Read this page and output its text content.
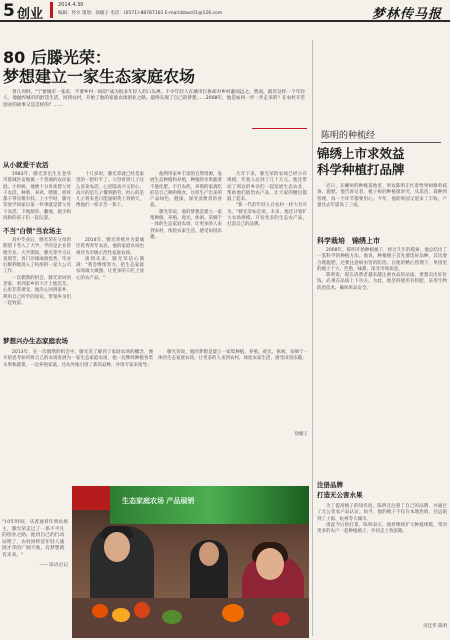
5 创业
2014.4.30
编辑：佟尔 策划：徐璇子 电话：(0571)-88787165 E-mail:bbwc01@126.com	梦林传马报
80 后滕光荣：
梦想建立一家生态家庭农场
曾几何时，"宁要城市一张床，不要乡村一间房"成为很多年轻人的口头禅。不少年轻人在城市打拼却对乡村避而远之。然而，就有这样一个年轻人，他抛弃城市的舒适生活，回到农村，开始了他的家庭农场创业之路，最终实现了自己的梦想……2008年，他是如何一步一步走来的？在农村辛苦创业的故事又是怎样的？……
从小就爱干农活

1983年，滕光荣出生在金华市婺城区安地镇一个普通的农民家庭。小时候，他便十分喜欢帮父母干农活，种菜、养鸡、喂猪，样样都干得有模有样。上小学时，滕光荣放学回家后第一件事就是帮父母干农活，下地割草、翻地，很少和同龄的孩子们一起玩耍。

十几岁时，滕光荣就已经是家里的一把好手了。父母看到儿子这么喜欢农活，心里既高兴又担心，高兴的是儿子懂事勤劳，担心的是儿子将来也只能面朝黄土背朝天，像他们一样辛苦一辈子。

不当"白领"当农场主

高中毕业后，滕光荣在父母的期望下考入了大学，学的是企业管理专业。大学期间，滕光荣学习认真刻苦，各门功课成绩优秀，毕业后顺利地进入了杭州的一家大公司工作。

一次偶然的机会，滕光荣回到老家，看到家乡的大片土地荒芜，心里非常难受。他决心回到家乡，利用自己所学的知识，带领乡亲们一起致富。

他利用家乡丰富的自然资源，发展生态种植和养殖，种植的水果蔬菜不施化肥、不打农药，养殖的家禽吃的是自己种的粮食，这样生产出来的产品绿色、健康，深受消费者的喜爱。

滕光荣说，他的梦想是建立一家集种植、养殖、观光、休闲、采摘于一体的生态家庭农场，让更多的人来到农村，体验农家生活，感受田园乐趣。

几年下来，滕光荣的农场已经小有规模，年收入达到了几十万元。他还带动了周边的乡亲们一起发展生态农业，帮助他们销售农产品，让大家的腰包都鼓了起来。

"新一代的年轻人在农村一样大有可为。"滕光荣如是说。未来，他还计划扩大农场规模，开发更多的生态农产品，打造自己的品牌。

2014年，滕光荣被评为婺城区优秀青年农民，他的家庭农场也被评为市级示范性家庭农场。

谈到未来，滕光荣信心满满："我会继续努力，把生态家庭农场做大做强，让更多的人吃上放心的农产品。"

梦想兴办生态家庭农场

2013年，在一次偶然的机会中，滕光荣了解到了家庭农场的概念，便开始思考如何将自己的农场发展为一家生态家庭农场，他一边继续种植各类水果和蔬菜，一边养殖家禽，还从外地引进了新的品种，并请专家来指导。

滕光荣说，他的梦想是建立一家集种植、养殖、观光、休闲、采摘于一体的生态家庭农场，让更多的人来到农村，体验农家生活，感受田园乐趣。

徐璇子
"10年时间，从普通青年到农场主，滕光荣走过了一条不平凡的创业之路。他用自己的行动证明了，农村同样是年轻人施展才华的广阔天地，有梦想就有未来。"
——采访后记
生态家庭农场 产品展销
陈明的种梳经
锦绣上市求效益
科学种植打品牌

近日，在嵊州的种梳基地里，果农陈明正忙着给果树修剪枝条、施肥。他告诉记者，梳子树的种植很讲究，从选苗、栽种到管理，每一个环节都要用心。今年，他的果园又迎来了丰收，产量比去年提高了三成。

科学栽培　锦绣上市

2008年，陈明开始种植梳子，经过几年的摸索，他总结出了一套科学的种植方法。他说，种植梳子首先要选好品种，其次要合理施肥，还要注意病虫害的防治。在他的精心管理下，果园里的梳子个大、色艳、味甜，深受市场欢迎。

陈明说，现在消费者越来越注重食品的品质，要想卖出好价钱，必须在品质上下功夫。为此，他坚持使用有机肥，采用生物防治技术，确保果品安全。

注册品牌
打造无公害水果

为了提高梳子的知名度，陈明还注册了自己的品牌，并通过了无公害农产品认证。如今，他的梳子不仅在本地热销，还远销到了上海、杭州等大城市。

谈起今后的打算，陈明表示，他将继续扩大种植规模，带动更多的农户一起种植梳子，共同走上致富路。

史佳华 陈明
